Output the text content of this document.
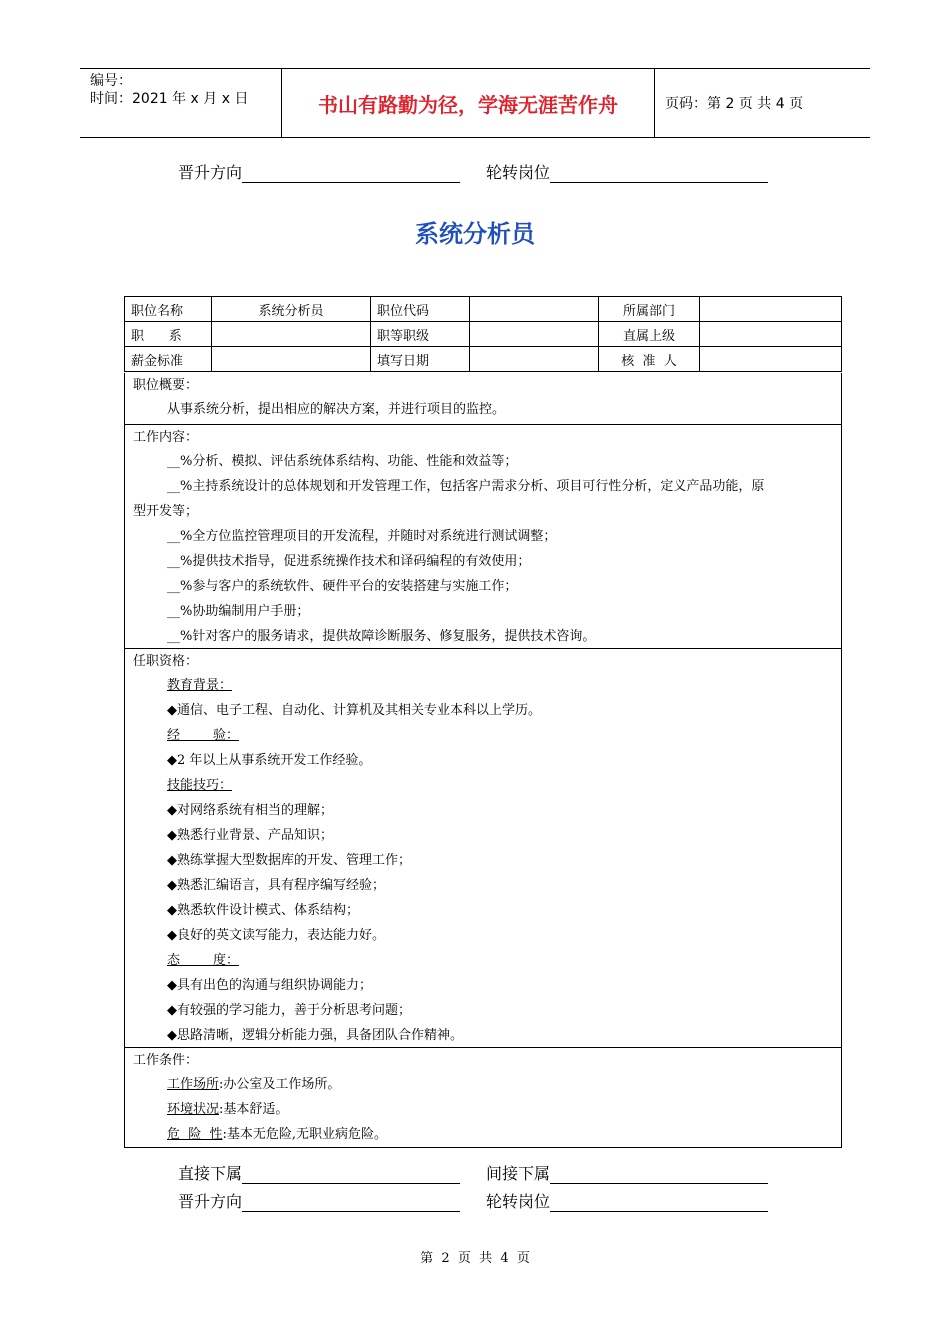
编号：
时间：2021 年 x 月 x 日	书山有路勤为径，学海无涯苦作舟	页码：第 2 页 共 4 页
晋升方向	轮转岗位
系统分析员
职位名称	系统分析员	职位代码		所属部门	
职      系		职等职级		直属上级	
薪金标准		填写日期		核  准  人	
职位概要：
从事系统分析，提出相应的解决方案，并进行项目的监控。
工作内容：
__%分析、模拟、评估系统体系结构、功能、性能和效益等；
__%主持系统设计的总体规划和开发管理工作，包括客户需求分析、项目可行性分析，定义产品功能，原
型开发等；
__%全方位监控管理项目的开发流程，并随时对系统进行测试调整；
__%提供技术指导，促进系统操作技术和译码编程的有效使用；
__%参与客户的系统软件、硬件平台的安装搭建与实施工作；
__%协助编制用户手册；
__%针对客户的服务请求，提供故障诊断服务、修复服务，提供技术咨询。
任职资格：
教育背景：
◆通信、电子工程、自动化、计算机及其相关专业本科以上学历。
经        验：
◆2 年以上从事系统开发工作经验。
技能技巧：
◆对网络系统有相当的理解；
◆熟悉行业背景、产品知识；
◆熟练掌握大型数据库的开发、管理工作；
◆熟悉汇编语言，具有程序编写经验；
◆熟悉软件设计模式、体系结构；
◆良好的英文读写能力，表达能力好。
态        度：
◆具有出色的沟通与组织协调能力；
◆有较强的学习能力，善于分析思考问题；
◆思路清晰，逻辑分析能力强，具备团队合作精神。
工作条件：
工作场所:办公室及工作场所。
环境状况:基本舒适。
危  险  性:基本无危险,无职业病危险。
直接下属	间接下属
晋升方向	轮转岗位
第  2  页  共  4  页
